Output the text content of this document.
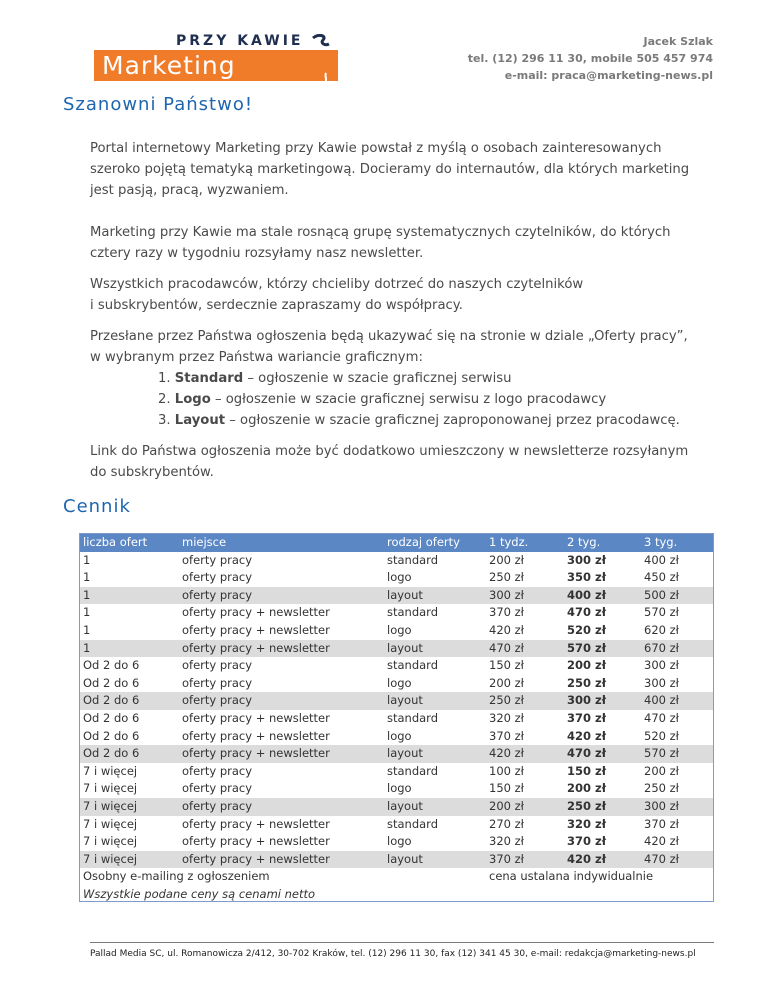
PRZY KAWIE
Marketing
Jacek Szlak
tel. (12) 296 11 30, mobile 505 457 974
e-mail: praca@marketing-news.pl
Szanowni Państwo!
Portal internetowy Marketing przy Kawie powstał z myślą o osobach zainteresowanych
szeroko pojętą tematyką marketingową. Docieramy do internautów, dla których marketing
jest pasją, pracą, wyzwaniem.
Marketing przy Kawie ma stale rosnącą grupę systematycznych czytelników, do których
cztery razy w tygodniu rozsyłamy nasz newsletter.
Wszystkich pracodawców, którzy chcieliby dotrzeć do naszych czytelników
i subskrybentów, serdecznie zapraszamy do współpracy.
Przesłane przez Państwa ogłoszenia będą ukazywać się na stronie w dziale „Oferty pracy”,
w wybranym przez Państwa wariancie graficznym:
1. Standard – ogłoszenie w szacie graficznej serwisu
2. Logo – ogłoszenie w szacie graficznej serwisu z logo pracodawcy
3. Layout – ogłoszenie w szacie graficznej zaproponowanej przez pracodawcę.
Link do Państwa ogłoszenia może być dodatkowo umieszczony w newsletterze rozsyłanym
do subskrybentów.
Cennik
liczba ofert	miejsce	rodzaj oferty	1 tydz.	2 tyg.	3 tyg.
1	oferty pracy	standard	200 zł	300 zł	400 zł
1	oferty pracy	logo	250 zł	350 zł	450 zł
1	oferty pracy	layout	300 zł	400 zł	500 zł
1	oferty pracy + newsletter	standard	370 zł	470 zł	570 zł
1	oferty pracy + newsletter	logo	420 zł	520 zł	620 zł
1	oferty pracy + newsletter	layout	470 zł	570 zł	670 zł
Od 2 do 6	oferty pracy	standard	150 zł	200 zł	300 zł
Od 2 do 6	oferty pracy	logo	200 zł	250 zł	300 zł
Od 2 do 6	oferty pracy	layout	250 zł	300 zł	400 zł
Od 2 do 6	oferty pracy + newsletter	standard	320 zł	370 zł	470 zł
Od 2 do 6	oferty pracy + newsletter	logo	370 zł	420 zł	520 zł
Od 2 do 6	oferty pracy + newsletter	layout	420 zł	470 zł	570 zł
7 i więcej	oferty pracy	standard	100 zł	150 zł	200 zł
7 i więcej	oferty pracy	logo	150 zł	200 zł	250 zł
7 i więcej	oferty pracy	layout	200 zł	250 zł	300 zł
7 i więcej	oferty pracy + newsletter	standard	270 zł	320 zł	370 zł
7 i więcej	oferty pracy + newsletter	logo	320 zł	370 zł	420 zł
7 i więcej	oferty pracy + newsletter	layout	370 zł	420 zł	470 zł
Osobny e-mailing z ogłoszeniem	cena ustalana indywidualnie
Wszystkie podane ceny są cenami netto
Pallad Media SC, ul. Romanowicza 2/412, 30-702 Kraków, tel. (12) 296 11 30, fax (12) 341 45 30, e-mail: redakcja@marketing-news.pl
